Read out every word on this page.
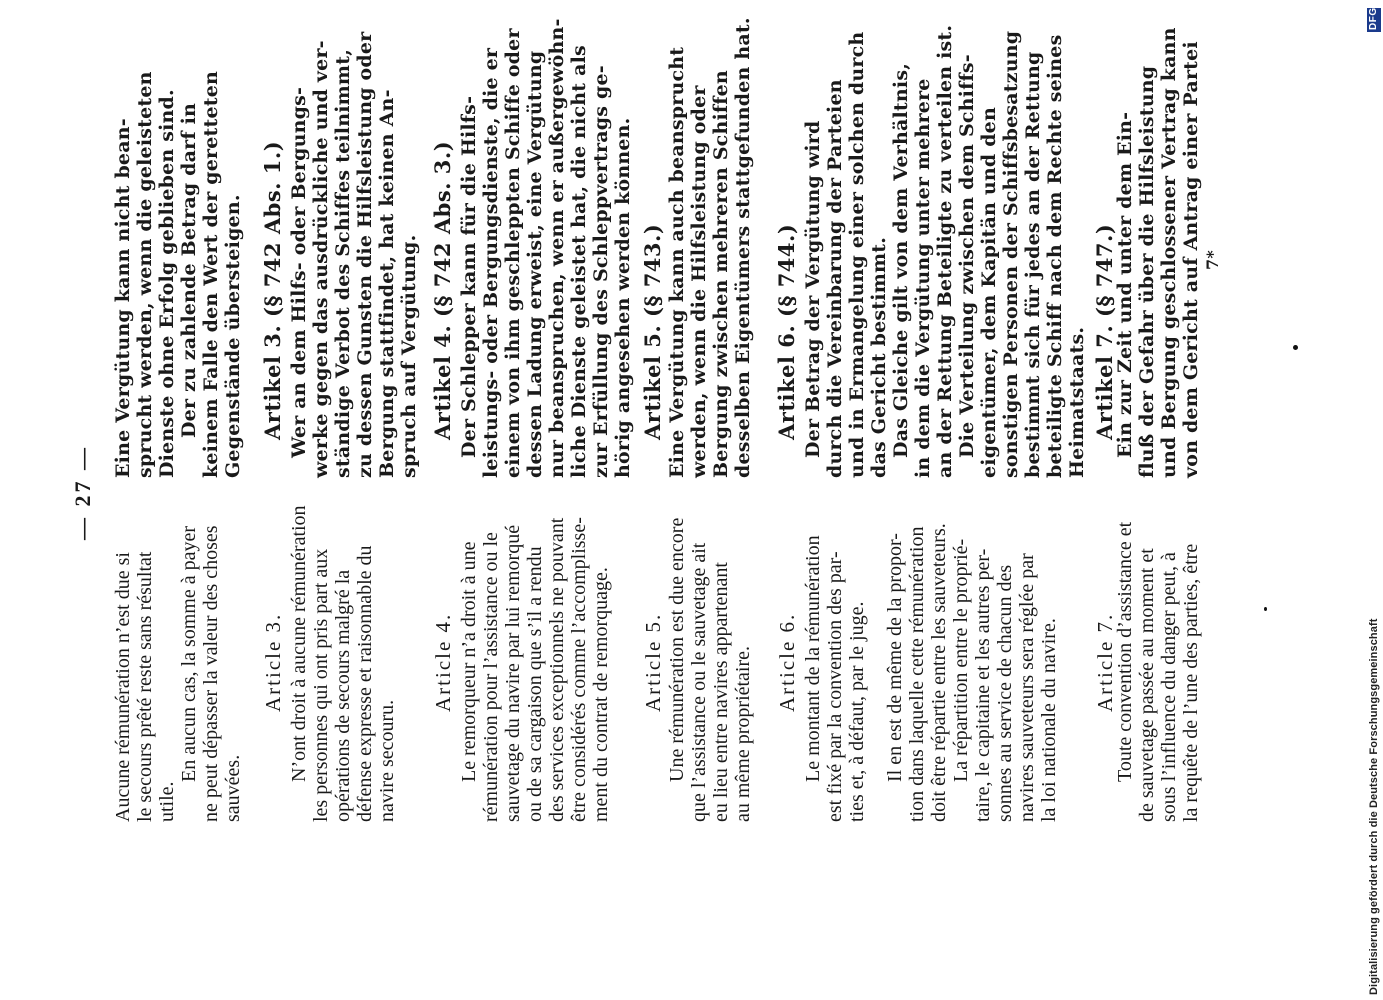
— 27 —
Aucune rémunération n’est due si le secours prêté reste sans résultat utile.
En aucun cas, la somme à payer ne peut dépasser la valeur des choses sauvées.
Article 3. N’ont droit à aucune rémunération les personnes qui ont pris part aux opérations de secours malgré la défense expresse et raisonnable du navire secouru.
Article 4. Le remorqueur n’a droit à une rémunération pour l’assistance ou le sauvetage du navire par lui remorqué ou de sa cargaison que s’il a rendu des services exceptionnels ne pouvant être considérés comme l’accomplisse- ment du contrat de remorquage. Article 5. Une rémunération est due encore que l’assistance ou le sauvetage ait eu lieu entre navires appartenant au même propriétaire. Article 6. Le montant de la rémunération est fixé par la convention des par- ties et, à défaut, par le juge. Il en est de même de la propor- tion dans laquelle cette rémunération doit être répartie entre les sauveteurs. La répartition entre le proprié- taire, le capitaine et les autres per- sonnes au service de chacun des navires sauveteurs sera réglée par la loi nationale du navire. Article 7.
Toute convention d’assistance et de sauvetage passée au moment et sous l’influence du danger peut, à la requête de l’une des parties, être
Eine Vergütung kann nicht bean- sprucht werden, wenn die geleisteten Dienste ohne Erfolg geblieben sind. Der zu zahlende Betrag darf in keinem Falle den Wert der geretteten Gegenstände übersteigen. Artikel 3. (§ 742 Abs. 1.) Wer an dem Hilfs- oder Bergungs- werke gegen das ausdrückliche und ver- ständige Verbot des Schiffes teilnimmt, zu dessen Gunsten die Hilfsleistung oder Bergung stattfindet, hat keinen An- spruch auf Vergütung. Artikel 4. (§ 742 Abs. 3.) Der Schlepper kann für die Hilfs- leistungs- oder Bergungsdienste, die er einem von ihm geschleppten Schiffe oder dessen Ladung erweist, eine Vergütung nur beanspruchen, wenn er außergewöhn- liche Dienste geleistet hat, die nicht als zur Erfüllung des Schleppvertrags ge- hörig angesehen werden können. Artikel 5. (§ 743.) Eine Vergütung kann auch beansprucht werden, wenn die Hilfsleistung oder Bergung zwischen mehreren Schiffen desselben Eigentümers stattgefunden hat. Artikel 6. (§ 744.) Der Betrag der Vergütung wird durch die Vereinbarung der Parteien und in Ermangelung einer solchen durch das Gericht bestimmt. Das Gleiche gilt von dem Verhältnis, in dem die Vergütung unter mehrere an der Rettung Beteiligte zu verteilen ist. Die Verteilung zwischen dem Schiffs- eigentümer, dem Kapitän und den sonstigen Personen der Schiffsbesatzung bestimmt sich für jedes an der Rettung beteiligte Schiff nach dem Rechte seines Heimatstaats. Artikel 7. (§ 747.)
Ein zur Zeit und unter dem Ein- fluß der Gefahr über die Hilfsleistung und Bergung geschlossener Vertrag kann von dem Gericht auf Antrag einer Partei 7*
Digitalisierung gefördert durch die Deutsche Forschungsgemeinschaft
DFG
